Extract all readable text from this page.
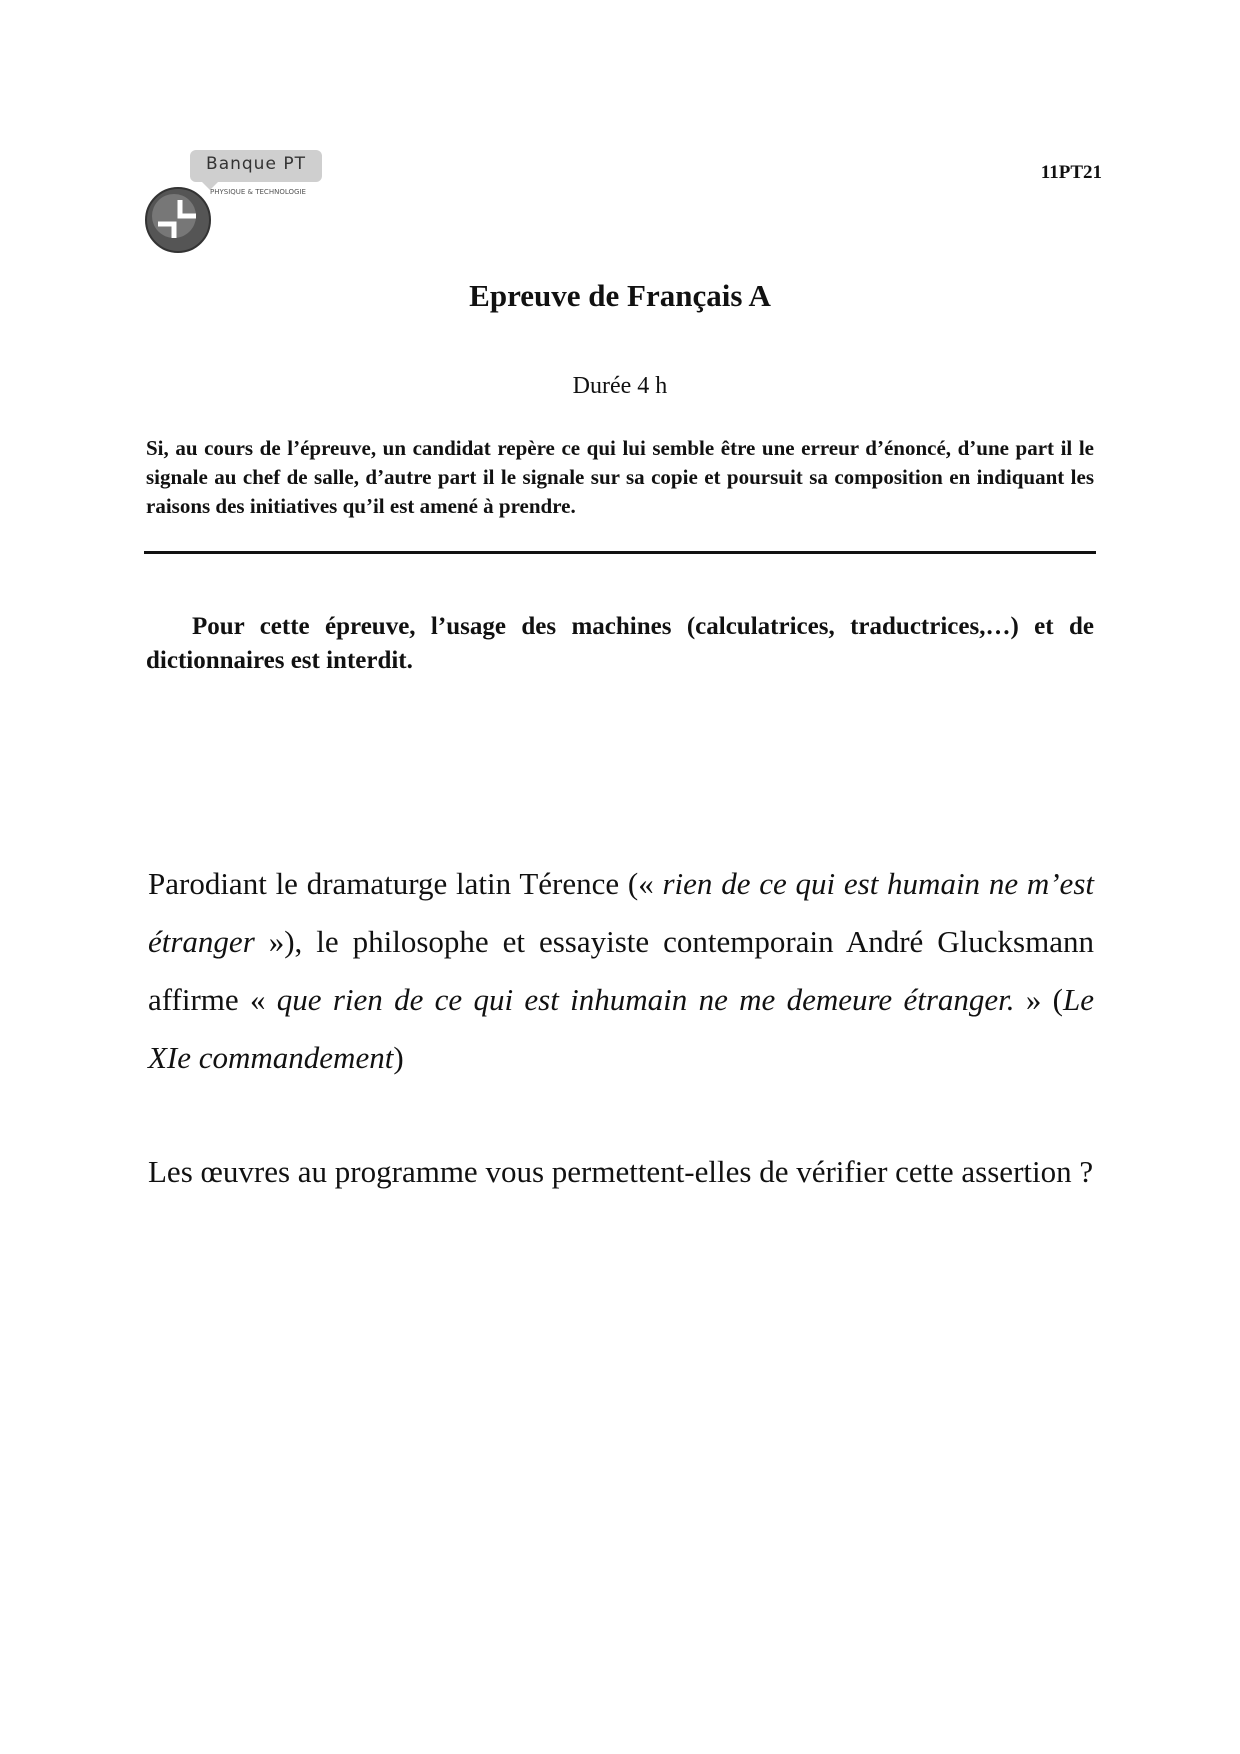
Banque PT
PHYSIQUE & TECHNOLOGIE
11PT21
Epreuve de Français A
Durée 4 h

Si, au cours de l’épreuve, un candidat repère ce qui lui semble être une erreur d’énoncé, d’une part il le signale au chef de salle, d’autre part il le signale sur sa copie et poursuit sa composition en indiquant les raisons des initiatives qu’il est amené à prendre.

Pour cette épreuve, l’usage des machines (calculatrices, traductrices,…) et de dictionnaires est interdit.

Parodiant le dramaturge latin Térence (« rien de ce qui est humain ne m’est étranger »), le philosophe et essayiste contemporain André Glucksmann affirme « que rien de ce qui est inhumain ne me demeure étranger. » (Le XIe commandement)

Les œuvres au programme vous permettent-elles de vérifier cette assertion ?
